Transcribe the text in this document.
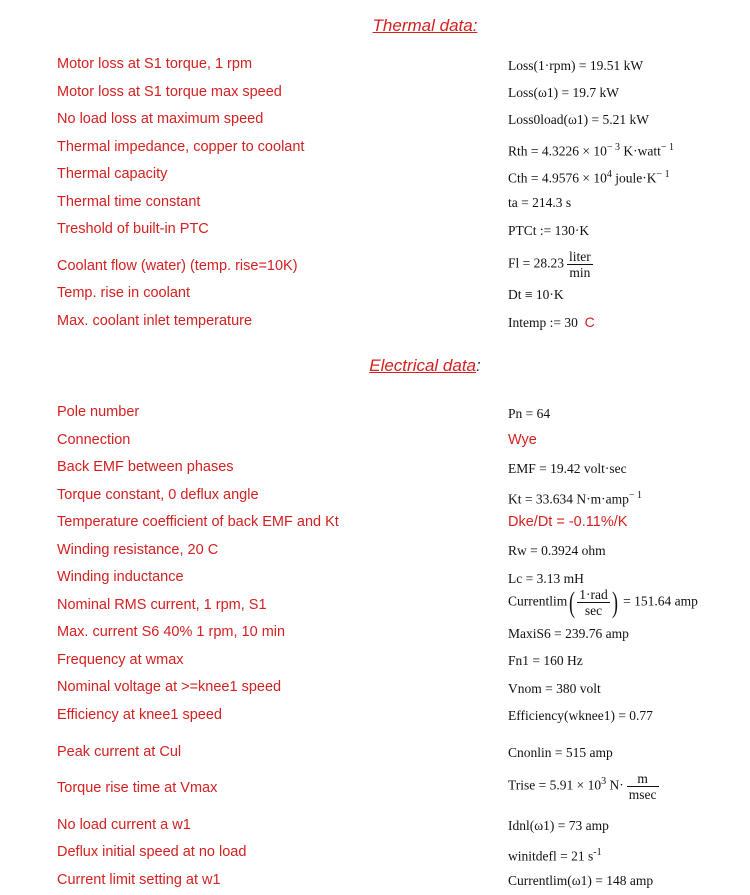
Thermal data:
Motor loss at S1 torque, 1 rpm	Loss(1·rpm) = 19.51 kW
Motor loss at S1 torque max speed	Loss(ω1) = 19.7 kW
No load loss at maximum speed	Loss0load(ω1) = 5.21 kW
Thermal impedance, copper to coolant	Rth = $4.3226 \times 10^{- 3}$ K·watt$^{- 1}$
Thermal capacity	Cth = $4.9576 \times 10^4$ $joule\cdot K^{- 1}$
Thermal time constant	ta = 214.3 s
Treshold of built-in PTC	PTCt := 130·K
Coolant flow (water) (temp. rise=10K)	$Fl = 28.23 \frac{\text{liter}}{\min}$
Temp. rise in coolant	Dt ≡ 10·K
Max. coolant inlet temperature	Intemp := 30 C
Electrical data:
Pole number	Pn = 64
Connection	Wye
Back EMF between phases	EMF = 19.42 volt·sec
Torque constant, 0 deflux angle	Kt = 33.634 N·m·amp$^{- 1}$
Temperature coefficient of back EMF and Kt	Dke/Dt = -0.11%/K
Winding resistance, 20 C	Rw = 0.3924 ohm
Winding inductance	Lc = 3.13 mH
Nominal RMS current, 1 rpm, S1	Currentlim( $\frac{\text{1·rad}}{\sec}$ ) = 151.64 amp
Max. current S6 40% 1 rpm, 10 min	MaxiS6 = 239.76 amp
Frequency at wmax	Fn1 = 160 Hz
Nominal voltage at >=knee1 speed	Vnom = 380 volt
Efficiency at knee1 speed	Efficiency(wknee1) = 0.77
Peak current at Cul	Cnonlin = 515 amp
Torque rise time at Vmax	Trise = $5.91 \times 10^3$ $N\cdot \frac{m}{msec}$
No load current a w1	Idnl(ω1) = 73 amp
Deflux initial speed at no load	winitdefl = 21 $s^{-1}$
Current limit setting at w1	Currentlim(ω1) = 148 amp
